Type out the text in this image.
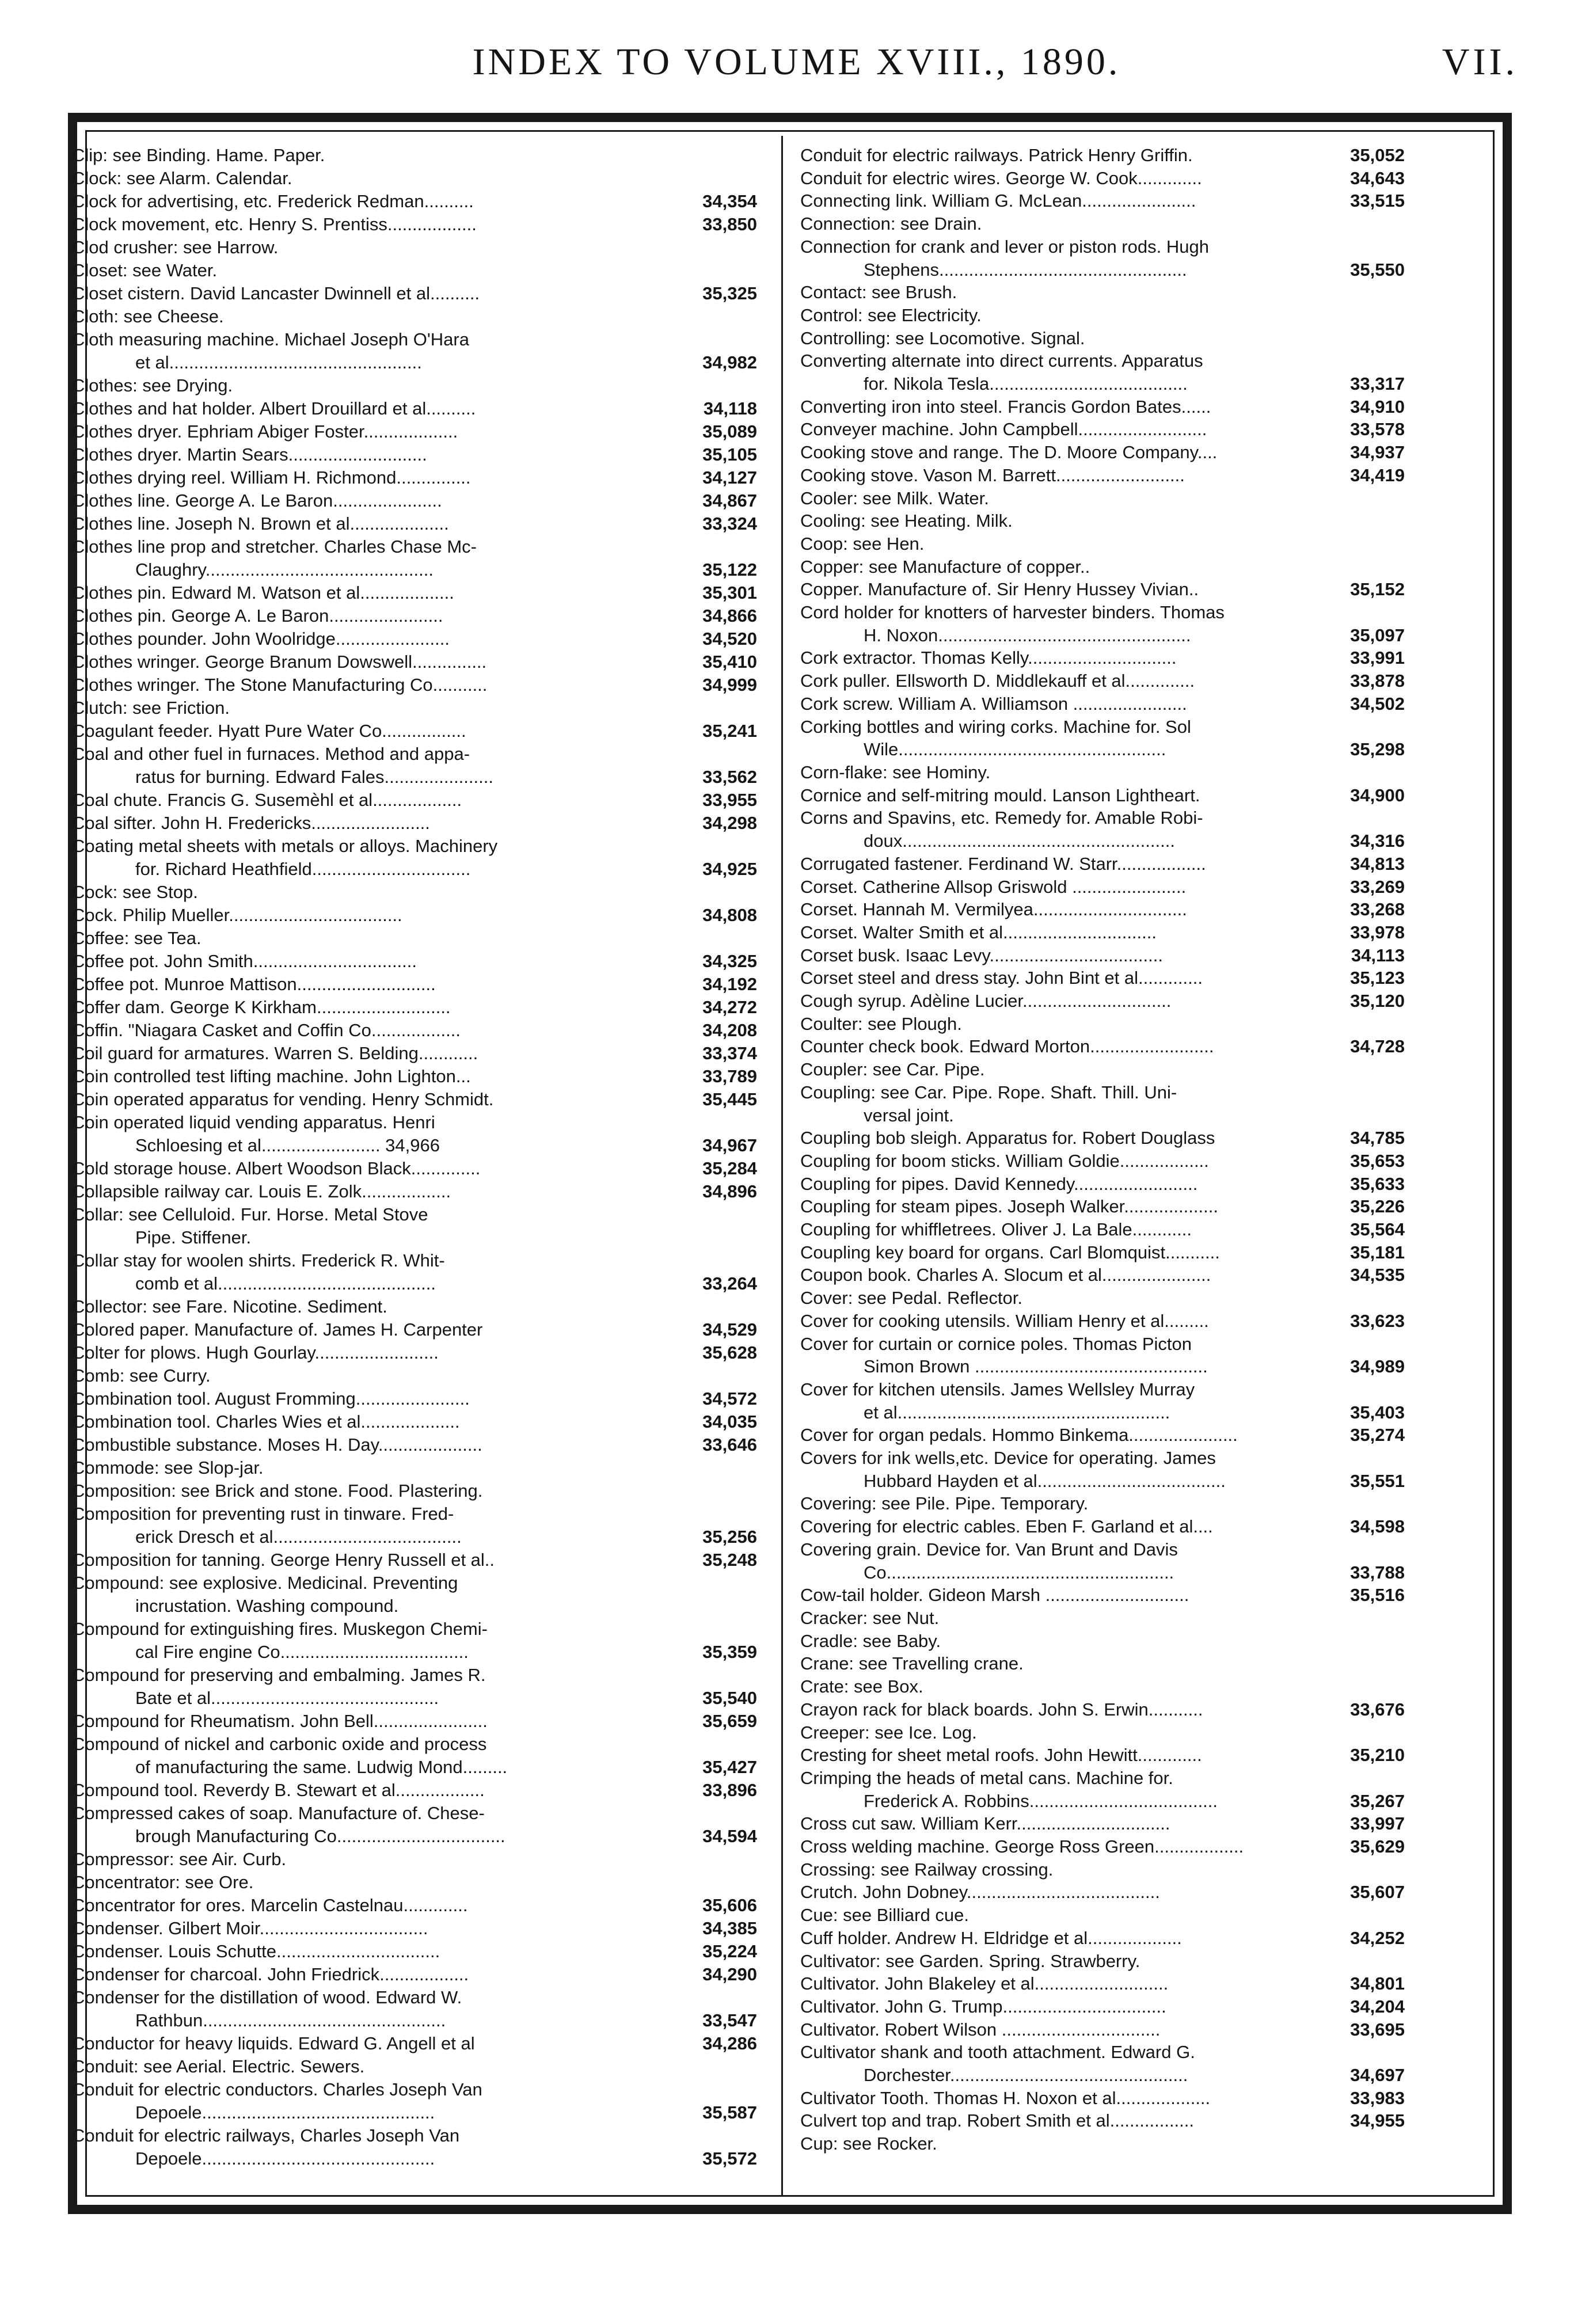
INDEX TO VOLUME XVIII., 1890.	VII.
Clip: see Binding. Hame. Paper.
Clock: see Alarm. Calendar.
Clock for advertising, etc. Frederick Redman..........	34,354
Clock movement, etc. Henry S. Prentiss..................	33,850
Clod crusher: see Harrow.
Closet: see Water.
Closet cistern. David Lancaster Dwinnell et al..........	35,325
Cloth: see Cheese.
Cloth measuring machine. Michael Joseph O'Hara
et al...................................................	34,982
Clothes: see Drying.
Clothes and hat holder. Albert Drouillard et al..........	34,118
Clothes dryer. Ephriam Abiger Foster...................	35,089
Clothes dryer. Martin Sears............................	35,105
Clothes drying reel. William H. Richmond...............	34,127
Clothes line. George A. Le Baron......................	34,867
Clothes line. Joseph N. Brown et al....................	33,324
Clothes line prop and stretcher. Charles Chase Mc-
Claughry..............................................	35,122
Clothes pin. Edward M. Watson et al...................	35,301
Clothes pin. George A. Le Baron.......................	34,866
Clothes pounder. John Woolridge.......................	34,520
Clothes wringer. George Branum Dowswell...............	35,410
Clothes wringer. The Stone Manufacturing Co...........	34,999
Clutch: see Friction.
Coagulant feeder. Hyatt Pure Water Co.................	35,241
Coal and other fuel in furnaces. Method and appa-
ratus for burning. Edward Fales......................	33,562
Coal chute. Francis G. Susemèhl et al..................	33,955
Coal sifter. John H. Fredericks........................	34,298
Coating metal sheets with metals or alloys. Machinery
for. Richard Heathfield................................	34,925
Cock: see Stop.
Cock. Philip Mueller...................................	34,808
Coffee: see Tea.
Coffee pot. John Smith.................................	34,325
Coffee pot. Munroe Mattison............................	34,192
Coffer dam. George K Kirkham...........................	34,272
Coffin. "Niagara Casket and Coffin Co..................	34,208
Coil guard for armatures. Warren S. Belding............	33,374
Coin controlled test lifting machine. John Lighton...	33,789
Coin operated apparatus for vending. Henry Schmidt.	35,445
Coin operated liquid vending apparatus. Henri
Schloesing et al........................ 34,966	34,967
Cold storage house. Albert Woodson Black..............	35,284
Collapsible railway car. Louis E. Zolk..................	34,896
Collar: see Celluloid. Fur. Horse. Metal Stove
Pipe. Stiffener.
Collar stay for woolen shirts. Frederick R. Whit-
comb et al............................................	33,264
Collector: see Fare. Nicotine. Sediment.
Colored paper. Manufacture of. James H. Carpenter	34,529
Colter for plows. Hugh Gourlay.........................	35,628
Comb: see Curry.
Combination tool. August Fromming.......................	34,572
Combination tool. Charles Wies et al....................	34,035
Combustible substance. Moses H. Day.....................	33,646
Commode: see Slop-jar.
Composition: see Brick and stone. Food. Plastering.
Composition for preventing rust in tinware. Fred-
erick Dresch et al......................................	35,256
Composition for tanning. George Henry Russell et al..	35,248
Compound: see explosive. Medicinal. Preventing
incrustation. Washing compound.
Compound for extinguishing fires. Muskegon Chemi-
cal Fire engine Co......................................	35,359
Compound for preserving and embalming. James R.
Bate et al..............................................	35,540
Compound for Rheumatism. John Bell.......................	35,659
Compound of nickel and carbonic oxide and process
of manufacturing the same. Ludwig Mond.........	35,427
Compound tool. Reverdy B. Stewart et al..................	33,896
Compressed cakes of soap. Manufacture of. Chese-
brough Manufacturing Co..................................	34,594
Compressor: see Air. Curb.
Concentrator: see Ore.
Concentrator for ores. Marcelin Castelnau.............	35,606
Condenser. Gilbert Moir..................................	34,385
Condenser. Louis Schutte.................................	35,224
Condenser for charcoal. John Friedrick..................	34,290
Condenser for the distillation of wood. Edward W.
Rathbun.................................................	33,547
Conductor for heavy liquids. Edward G. Angell et al	34,286
Conduit: see Aerial. Electric. Sewers.
Conduit for electric conductors. Charles Joseph Van
Depoele...............................................	35,587
Conduit for electric railways, Charles Joseph Van
Depoele...............................................	35,572
Conduit for electric railways. Patrick Henry Griffin.	35,052
Conduit for electric wires. George W. Cook.............	34,643
Connecting link. William G. McLean.......................	33,515
Connection: see Drain.
Connection for crank and lever or piston rods. Hugh
Stephens..................................................	35,550
Contact: see Brush.
Control: see Electricity.
Controlling: see Locomotive. Signal.
Converting alternate into direct currents. Apparatus
for. Nikola Tesla........................................	33,317
Converting iron into steel. Francis Gordon Bates......	34,910
Conveyer machine. John Campbell..........................	33,578
Cooking stove and range. The D. Moore Company....	34,937
Cooking stove. Vason M. Barrett..........................	34,419
Cooler: see Milk. Water.
Cooling: see Heating. Milk.
Coop: see Hen.
Copper: see Manufacture of copper..
Copper. Manufacture of. Sir Henry Hussey Vivian..	35,152
Cord holder for knotters of harvester binders. Thomas
H. Noxon...................................................	35,097
Cork extractor. Thomas Kelly..............................	33,991
Cork puller. Ellsworth D. Middlekauff et al..............	33,878
Cork screw. William A. Williamson .......................	34,502
Corking bottles and wiring corks. Machine for. Sol
Wile......................................................	35,298
Corn-flake: see Hominy.
Cornice and self-mitring mould. Lanson Lightheart.	34,900
Corns and Spavins, etc. Remedy for. Amable Robi-
doux.......................................................	34,316
Corrugated fastener. Ferdinand W. Starr..................	34,813
Corset. Catherine Allsop Griswold .......................	33,269
Corset. Hannah M. Vermilyea...............................	33,268
Corset. Walter Smith et al...............................	33,978
Corset busk. Isaac Levy...................................	34,113
Corset steel and dress stay. John Bint et al.............	35,123
Cough syrup. Adèline Lucier..............................	35,120
Coulter: see Plough.
Counter check book. Edward Morton.........................	34,728
Coupler: see Car. Pipe.
Coupling: see Car. Pipe. Rope. Shaft. Thill. Uni-
versal joint.
Coupling bob sleigh. Apparatus for. Robert Douglass	34,785
Coupling for boom sticks. William Goldie..................	35,653
Coupling for pipes. David Kennedy.........................	35,633
Coupling for steam pipes. Joseph Walker...................	35,226
Coupling for whiffletrees. Oliver J. La Bale............	35,564
Coupling key board for organs. Carl Blomquist...........	35,181
Coupon book. Charles A. Slocum et al......................	34,535
Cover: see Pedal. Reflector.
Cover for cooking utensils. William Henry et al.........	33,623
Cover for curtain or cornice poles. Thomas Picton
Simon Brown ...............................................	34,989
Cover for kitchen utensils. James Wellsley Murray
et al.......................................................	35,403
Cover for organ pedals. Hommo Binkema......................	35,274
Covers for ink wells,etc. Device for operating. James
Hubbard Hayden et al......................................	35,551
Covering: see Pile. Pipe. Temporary.
Covering for electric cables. Eben F. Garland et al....	34,598
Covering grain. Device for. Van Brunt and Davis
Co..........................................................	33,788
Cow-tail holder. Gideon Marsh .............................	35,516
Cracker: see Nut.
Cradle: see Baby.
Crane: see Travelling crane.
Crate: see Box.
Crayon rack for black boards. John S. Erwin...........	33,676
Creeper: see Ice. Log.
Cresting for sheet metal roofs. John Hewitt.............	35,210
Crimping the heads of metal cans. Machine for.
Frederick A. Robbins......................................	35,267
Cross cut saw. William Kerr...............................	33,997
Cross welding machine. George Ross Green..................	35,629
Crossing: see Railway crossing.
Crutch. John Dobney.......................................	35,607
Cue: see Billiard cue.
Cuff holder. Andrew H. Eldridge et al...................	34,252
Cultivator: see Garden. Spring. Strawberry.
Cultivator. John Blakeley et al...........................	34,801
Cultivator. John G. Trump.................................	34,204
Cultivator. Robert Wilson ................................	33,695
Cultivator shank and tooth attachment. Edward G.
Dorchester................................................	34,697
Cultivator Tooth. Thomas H. Noxon et al...................	33,983
Culvert top and trap. Robert Smith et al.................	34,955
Cup: see Rocker.
